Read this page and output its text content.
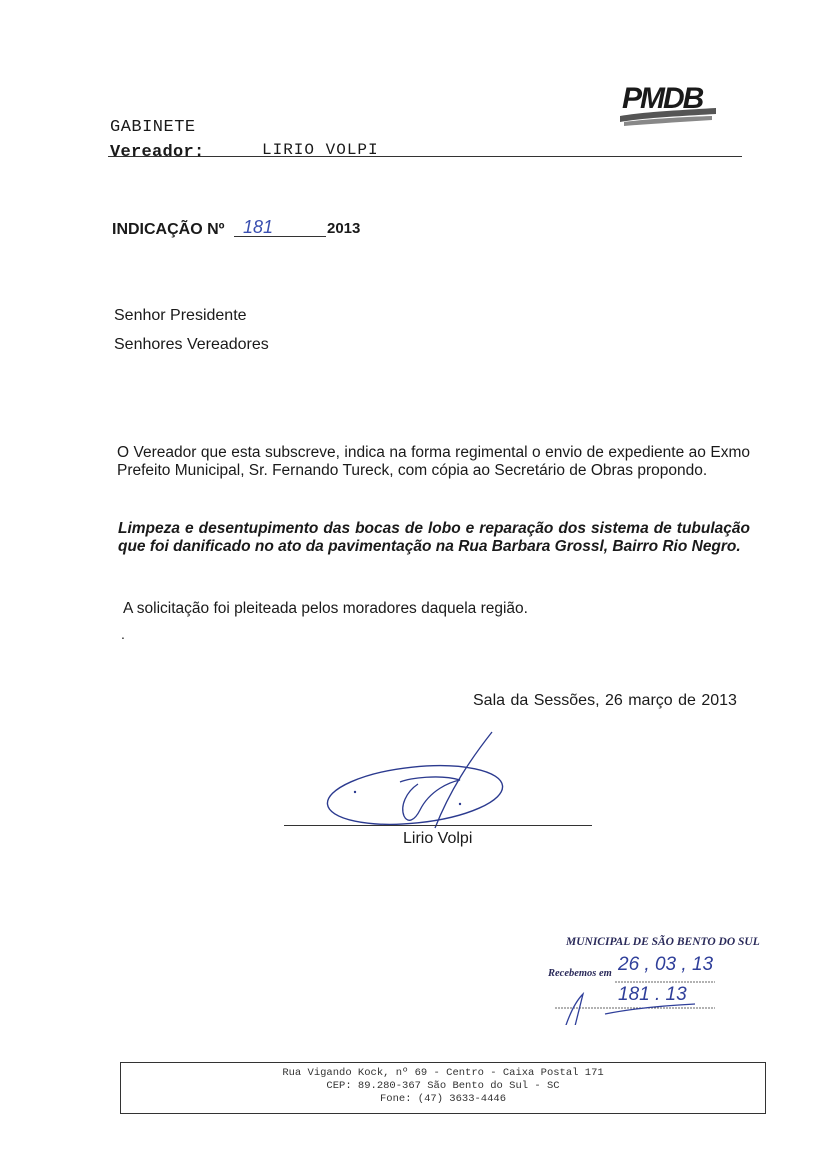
PMDB
GABINETE
Vereador:	LIRIO VOLPI
INDICAÇÃO Nº 181	2013
Senhor Presidente
Senhores Vereadores
O Vereador que esta subscreve, indica na forma regimental o envio de expediente ao Exmo Prefeito Municipal, Sr. Fernando Tureck, com cópia ao Secretário de Obras propondo.
Limpeza e desentupimento das bocas de lobo e reparação dos sistema de tubulação que foi danificado no ato da pavimentação na Rua Barbara Grossl, Bairro Rio Negro.
A solicitação foi pleiteada pelos moradores daquela região.
.
Sala da Sessões, 26 março de 2013
Lirio Volpi
MUNICIPAL DE SÃO BENTO DO SUL
Recebemos em 26 , 03 , 13
181 . 13
Rua Vigando Kock, nº 69 - Centro - Caixa Postal 171
CEP: 89.280-367 São Bento do Sul - SC
Fone: (47) 3633-4446
